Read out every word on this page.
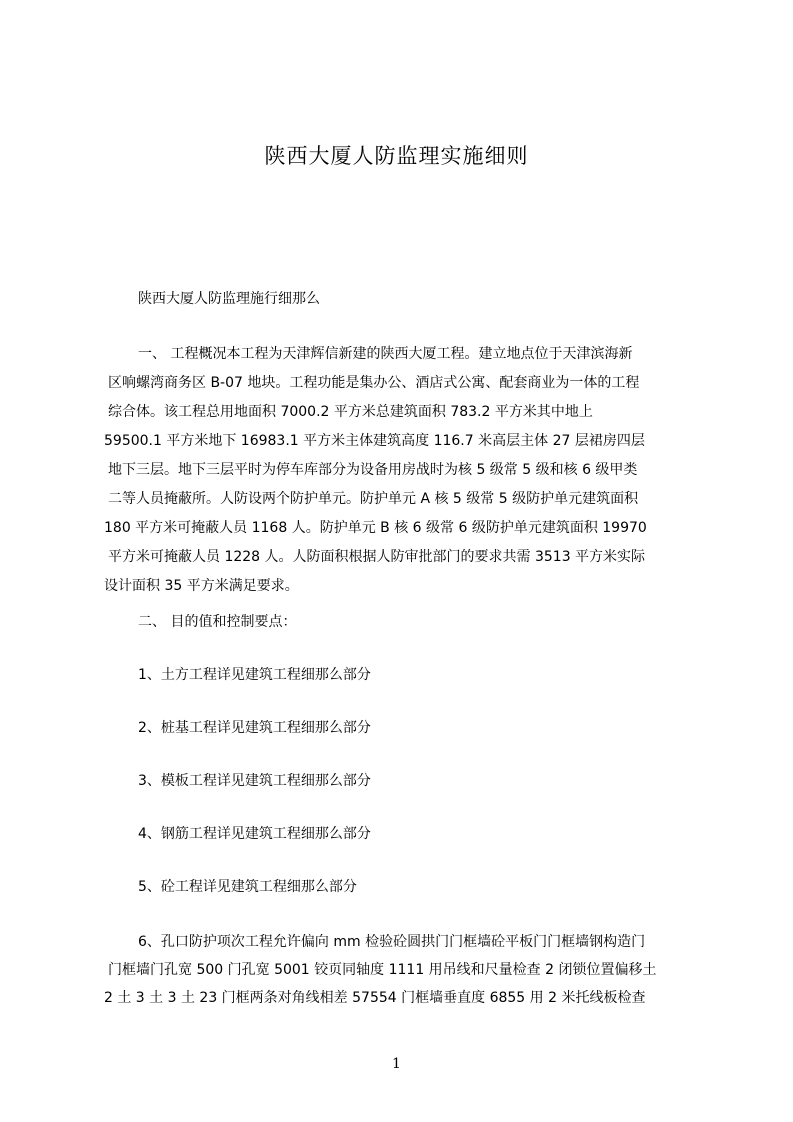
陕西大厦人防监理实施细则
陕西大厦人防监理施行细那么
一、 工程概况本工程为天津辉信新建的陕西大厦工程。建立地点位于天津滨海新
区响螺湾商务区 B-07 地块。工程功能是集办公、酒店式公寓、配套商业为一体的工程
综合体。该工程总用地面积 7000.2 平方米总建筑面积 783.2 平方米其中地上
59500.1 平方米地下 16983.1 平方米主体建筑高度 116.7 米高层主体 27 层裙房四层
地下三层。地下三层平时为停车库部分为设备用房战时为核 5 级常 5 级和核 6 级甲类
二等人员掩蔽所。人防设两个防护单元。防护单元 A 核 5 级常 5 级防护单元建筑面积
180 平方米可掩蔽人员 1168 人。防护单元 B 核 6 级常 6 级防护单元建筑面积 19970
平方米可掩蔽人员 1228 人。人防面积根据人防审批部门的要求共需 3513 平方米实际
设计面积 35 平方米满足要求。
二、 目的值和控制要点：
1、土方工程详见建筑工程细那么部分
2、桩基工程详见建筑工程细那么部分
3、模板工程详见建筑工程细那么部分
4、钢筋工程详见建筑工程细那么部分
5、砼工程详见建筑工程细那么部分
6、孔口防护项次工程允许偏向 mm 检验砼圆拱门门框墙砼平板门门框墙钢构造门
门框墙门孔宽 500 门孔宽 5001 铰页同轴度 1111 用吊线和尺量检查 2 闭锁位置偏移土
2 土 3 土 3 土 23 门框两条对角线相差 57554 门框墙垂直度 6855 用 2 米托线板检查
1
